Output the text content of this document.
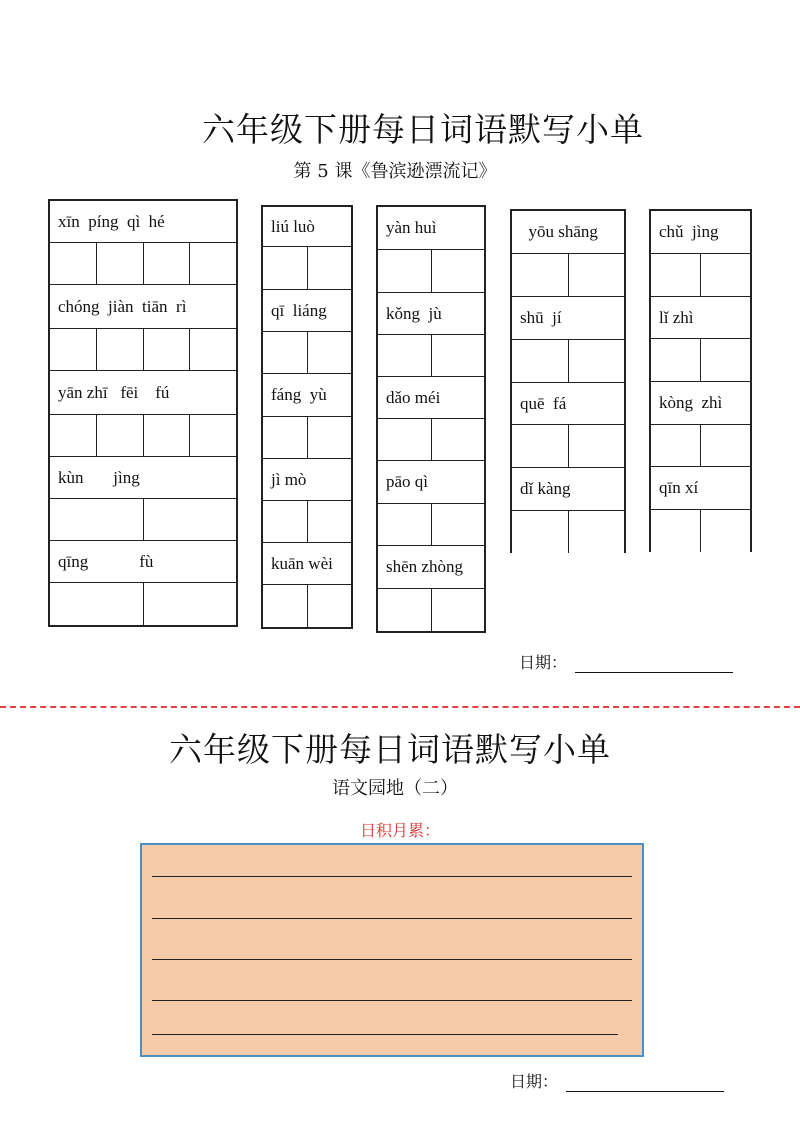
六年级下册每日词语默写小单
第 5 课《鲁滨逊漂流记》
xīn  píng  qì  hé
chóng  jiàn  tiān  rì
yān zhī   fēi    fú
kùn       jìng
qīng            fù
liú luò
qī  liáng
fáng  yù
jì mò
kuān wèi
yàn huì
kǒng  jù
dǎo méi
pāo qì
shēn zhòng
yōu shāng
shū  jí
quē  fá
dǐ kàng
chǔ  jìng
lǐ zhì
kòng  zhì
qīn xí
日期：
六年级下册每日词语默写小单
语文园地（二）
日积月累：
日期：
